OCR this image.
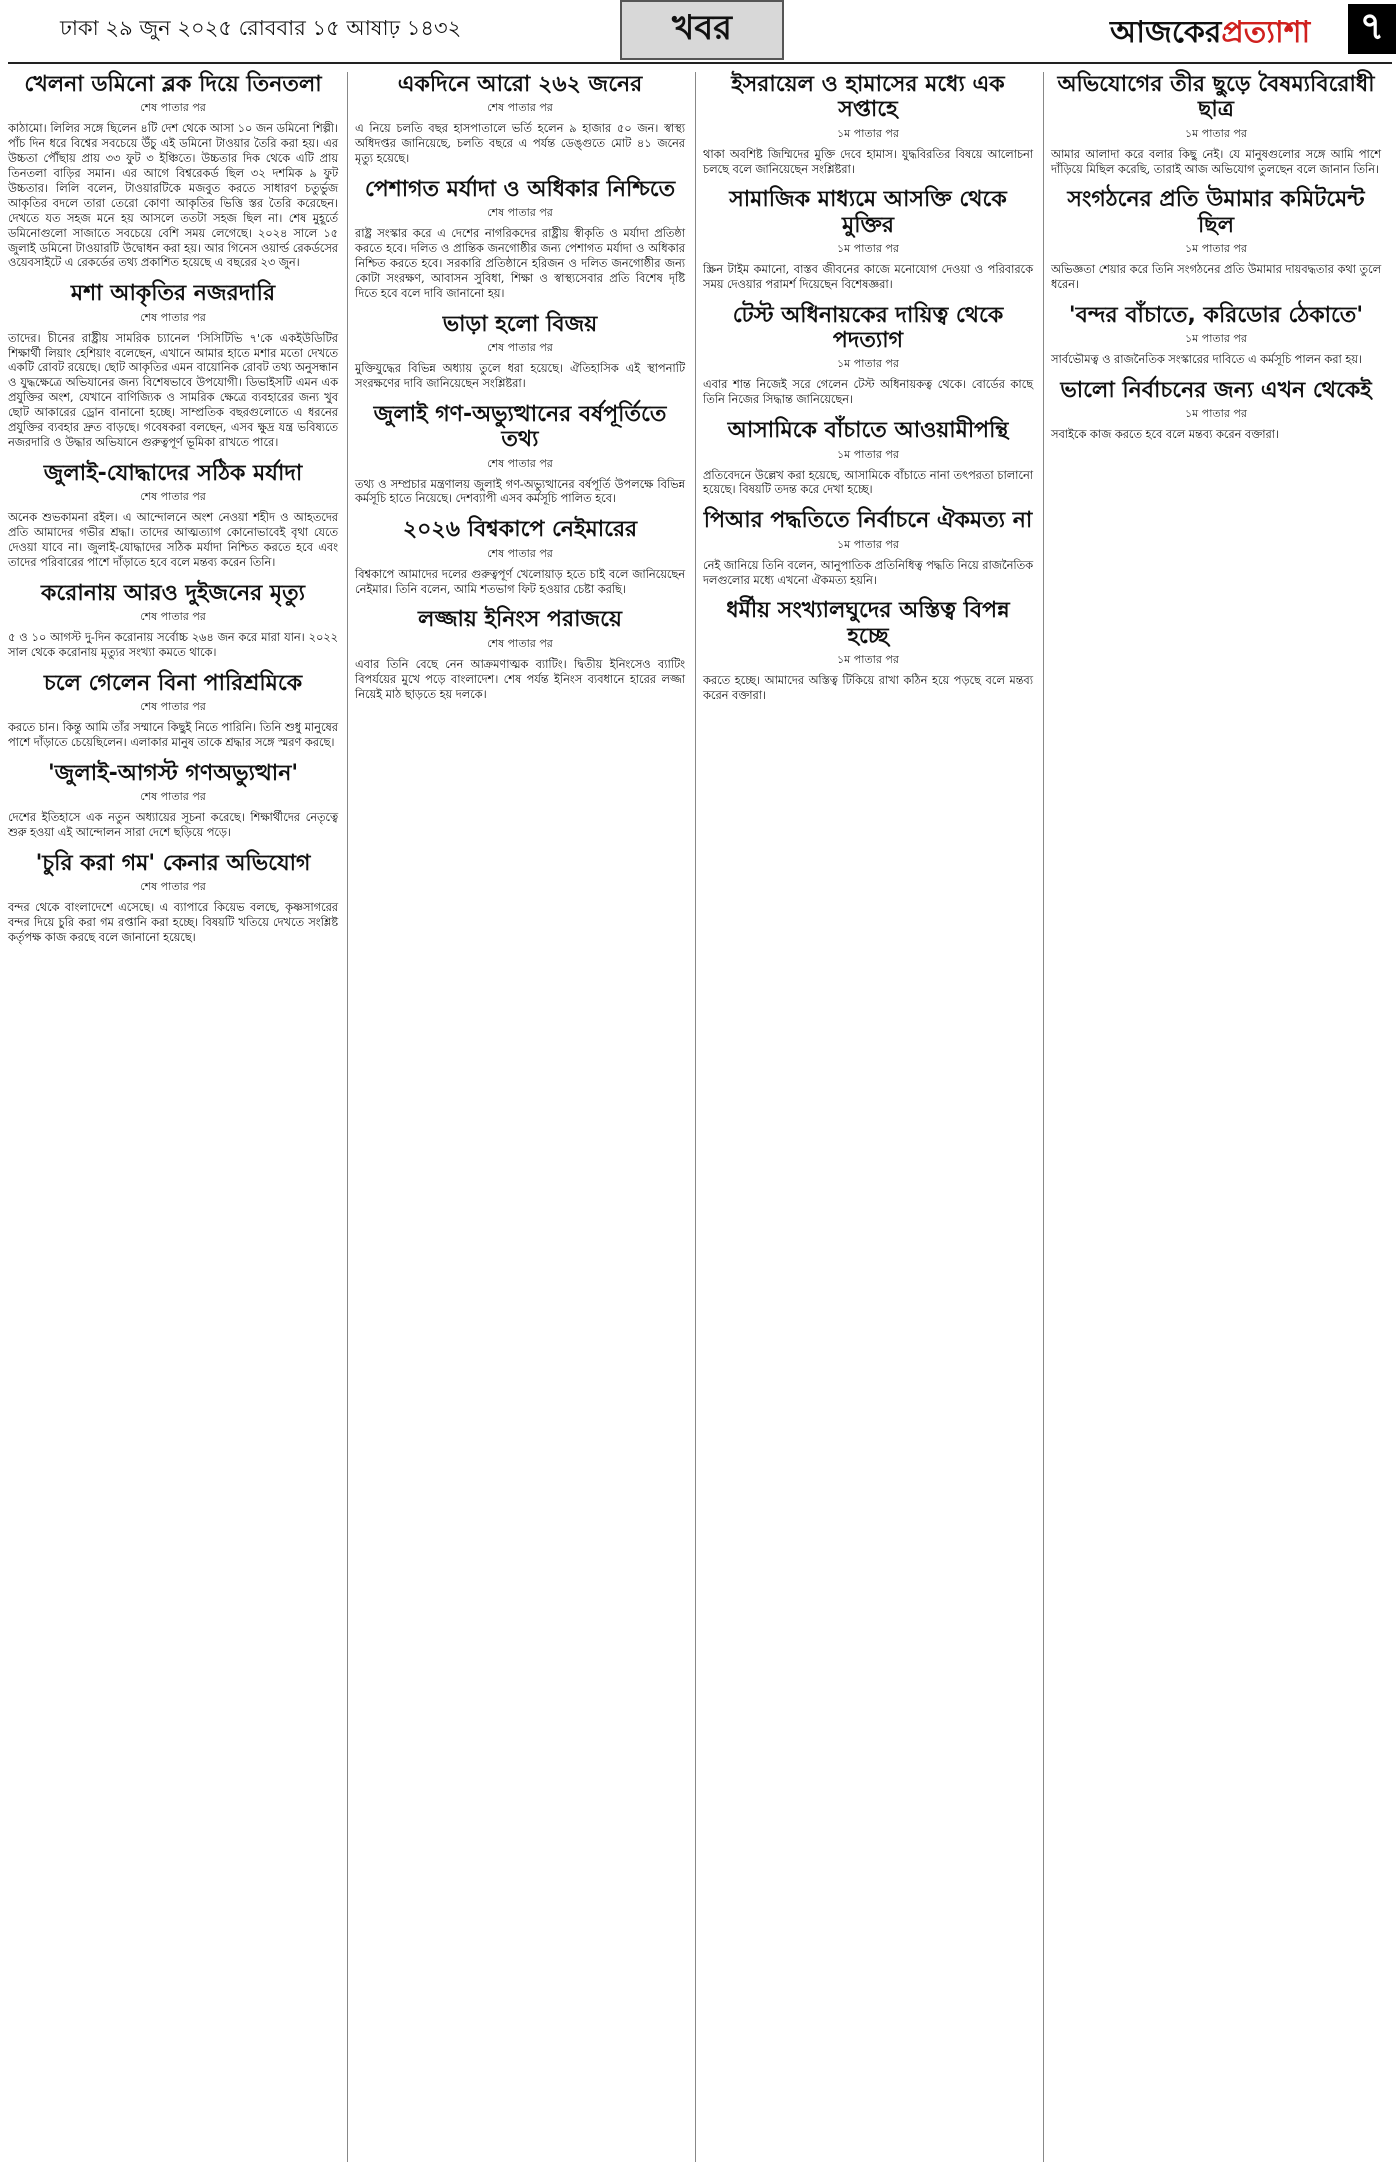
ঢাকা ২৯ জুন ২০২৫ রোববার ১৫ আষাঢ় ১৪৩২	খবর	আজকেরপ্রত্যাশা	৭
খেলনা ডমিনো ব্লক দিয়ে তিনতলা
শেষ পাতার পর

কাঠামো। লিলির সঙ্গে ছিলেন ৪টি দেশ থেকে আসা ১০ জন ডমিনো শিল্পী। পাঁচ দিন ধরে বিশ্বের সবচেয়ে উঁচু এই ডমিনো টাওয়ার তৈরি করা হয়। এর উচ্চতা পৌঁছায় প্রায় ৩৩ ফুট ৩ ইঞ্চিতে। উচ্চতার দিক থেকে এটি প্রায় তিনতলা বাড়ির সমান। এর আগে বিশ্বরেকর্ড ছিল ৩২ দশমিক ৯ ফুট উচ্চতার। লিলি বলেন, টাওয়ারটিকে মজবুত করতে সাধারণ চতুর্ভুজ আকৃতির বদলে তারা তেরো কোণা আকৃতির ভিত্তি স্তর তৈরি করেছেন। দেখতে যত সহজ মনে হয় আসলে ততটা সহজ ছিল না। শেষ মুহূর্তে ডমিনোগুলো সাজাতে সবচেয়ে বেশি সময় লেগেছে। ২০২৪ সালে ১৫ জুলাই ডমিনো টাওয়ারটি উদ্বোধন করা হয়। আর গিনেস ওয়ার্ল্ড রেকর্ডসের ওয়েবসাইটে এ রেকর্ডের তথ্য প্রকাশিত হয়েছে এ বছরের ২৩ জুন।

মশা আকৃতির নজরদারি
শেষ পাতার পর

তাদের। চীনের রাষ্ট্রীয় সামরিক চ্যানেল 'সিসিটিভি ৭'কে একইউডিটির শিক্ষার্থী লিয়াং হেশিয়াং বলেছেন, এখানে আমার হাতে মশার মতো দেখতে একটি রোবট রয়েছে। ছোট আকৃতির এমন বায়োনিক রোবট তথ্য অনুসন্ধান ও যুদ্ধক্ষেত্রে অভিযানের জন্য বিশেষভাবে উপযোগী। ডিভাইসটি এমন এক প্রযুক্তির অংশ, যেখানে বাণিজ্যিক ও সামরিক ক্ষেত্রে ব্যবহারের জন্য খুব ছোট আকারের ড্রোন বানানো হচ্ছে। সাম্প্রতিক বছরগুলোতে এ ধরনের প্রযুক্তির ব্যবহার দ্রুত বাড়ছে। গবেষকরা বলছেন, এসব ক্ষুদ্র যন্ত্র ভবিষ্যতে নজরদারি ও উদ্ধার অভিযানে গুরুত্বপূর্ণ ভূমিকা রাখতে পারে।

জুলাই-যোদ্ধাদের সঠিক মর্যাদা
শেষ পাতার পর

অনেক শুভকামনা রইল। এ আন্দোলনে অংশ নেওয়া শহীদ ও আহতদের প্রতি আমাদের গভীর শ্রদ্ধা। তাদের আত্মত্যাগ কোনোভাবেই বৃথা যেতে দেওয়া যাবে না। জুলাই-যোদ্ধাদের সঠিক মর্যাদা নিশ্চিত করতে হবে এবং তাদের পরিবারের পাশে দাঁড়াতে হবে বলে মন্তব্য করেন তিনি।

করোনায় আরও দুইজনের মৃত্যু
শেষ পাতার পর

৫ ও ১০ আগস্ট দু-দিন করোনায় সর্বোচ্চ ২৬৪ জন করে মারা যান। ২০২২ সাল থেকে করোনায় মৃত্যুর সংখ্যা কমতে থাকে।

চলে গেলেন বিনা পারিশ্রমিকে
শেষ পাতার পর

করতে চান। কিন্তু আমি তাঁর সম্মানে কিছুই নিতে পারিনি। তিনি শুধু মানুষের পাশে দাঁড়াতে চেয়েছিলেন। এলাকার মানুষ তাকে শ্রদ্ধার সঙ্গে স্মরণ করছে।

'জুলাই-আগস্ট গণঅভ্যুত্থান'
শেষ পাতার পর

দেশের ইতিহাসে এক নতুন অধ্যায়ের সূচনা করেছে। শিক্ষার্থীদের নেতৃত্বে শুরু হওয়া এই আন্দোলন সারা দেশে ছড়িয়ে পড়ে।

'চুরি করা গম' কেনার অভিযোগ
শেষ পাতার পর

বন্দর থেকে বাংলাদেশে এসেছে। এ ব্যাপারে কিয়েভ বলছে, কৃষ্ণসাগরের বন্দর দিয়ে চুরি করা গম রপ্তানি করা হচ্ছে। বিষয়টি খতিয়ে দেখতে সংশ্লিষ্ট কর্তৃপক্ষ কাজ করছে বলে জানানো হয়েছে।

একদিনে আরো ২৬২ জনের
শেষ পাতার পর

এ নিয়ে চলতি বছর হাসপাতালে ভর্তি হলেন ৯ হাজার ৫০ জন। স্বাস্থ্য অধিদপ্তর জানিয়েছে, চলতি বছরে এ পর্যন্ত ডেঙ্গুতে মোট ৪১ জনের মৃত্যু হয়েছে।

পেশাগত মর্যাদা ও অধিকার নিশ্চিতে
শেষ পাতার পর

রাষ্ট্র সংস্কার করে এ দেশের নাগরিকদের রাষ্ট্রীয় স্বীকৃতি ও মর্যাদা প্রতিষ্ঠা করতে হবে। দলিত ও প্রান্তিক জনগোষ্ঠীর জন্য পেশাগত মর্যাদা ও অধিকার নিশ্চিত করতে হবে। সরকারি প্রতিষ্ঠানে হরিজন ও দলিত জনগোষ্ঠীর জন্য কোটা সংরক্ষণ, আবাসন সুবিধা, শিক্ষা ও স্বাস্থ্যসেবার প্রতি বিশেষ দৃষ্টি দিতে হবে বলে দাবি জানানো হয়।

ভাড়া হলো বিজয়
শেষ পাতার পর

মুক্তিযুদ্ধের বিভিন্ন অধ্যায় তুলে ধরা হয়েছে। ঐতিহাসিক এই স্থাপনাটি সংরক্ষণের দাবি জানিয়েছেন সংশ্লিষ্টরা।

জুলাই গণ-অভ্যুত্থানের বর্ষপূর্তিতে তথ্য
শেষ পাতার পর

তথ্য ও সম্প্রচার মন্ত্রণালয় জুলাই গণ-অভ্যুত্থানের বর্ষপূর্তি উপলক্ষে বিভিন্ন কর্মসূচি হাতে নিয়েছে। দেশব্যাপী এসব কর্মসূচি পালিত হবে।

২০২৬ বিশ্বকাপে নেইমারের
শেষ পাতার পর

বিশ্বকাপে আমাদের দলের গুরুত্বপূর্ণ খেলোয়াড় হতে চাই বলে জানিয়েছেন নেইমার। তিনি বলেন, আমি শতভাগ ফিট হওয়ার চেষ্টা করছি।

লজ্জায় ইনিংস পরাজয়ে
শেষ পাতার পর

এবার তিনি বেছে নেন আক্রমণাত্মক ব্যাটিং। দ্বিতীয় ইনিংসেও ব্যাটিং বিপর্যয়ের মুখে পড়ে বাংলাদেশ। শেষ পর্যন্ত ইনিংস ব্যবধানে হারের লজ্জা নিয়েই মাঠ ছাড়তে হয় দলকে।

ইসরায়েল ও হামাসের মধ্যে এক সপ্তাহে
১ম পাতার পর

থাকা অবশিষ্ট জিম্মিদের মুক্তি দেবে হামাস। যুদ্ধবিরতির বিষয়ে আলোচনা চলছে বলে জানিয়েছেন সংশ্লিষ্টরা।

সামাজিক মাধ্যমে আসক্তি থেকে মুক্তির
১ম পাতার পর

স্ক্রিন টাইম কমানো, বাস্তব জীবনের কাজে মনোযোগ দেওয়া ও পরিবারকে সময় দেওয়ার পরামর্শ দিয়েছেন বিশেষজ্ঞরা।

টেস্ট অধিনায়কের দায়িত্ব থেকে পদত্যাগ
১ম পাতার পর

এবার শান্ত নিজেই সরে গেলেন টেস্ট অধিনায়কত্ব থেকে। বোর্ডের কাছে তিনি নিজের সিদ্ধান্ত জানিয়েছেন।

আসামিকে বাঁচাতে আওয়ামীপন্থি
১ম পাতার পর

প্রতিবেদনে উল্লেখ করা হয়েছে, আসামিকে বাঁচাতে নানা তৎপরতা চালানো হয়েছে। বিষয়টি তদন্ত করে দেখা হচ্ছে।

পিআর পদ্ধতিতে নির্বাচনে ঐকমত্য না
১ম পাতার পর

নেই জানিয়ে তিনি বলেন, আনুপাতিক প্রতিনিধিত্ব পদ্ধতি নিয়ে রাজনৈতিক দলগুলোর মধ্যে এখনো ঐকমত্য হয়নি।

ধর্মীয় সংখ্যালঘুদের অস্তিত্ব বিপন্ন হচ্ছে
১ম পাতার পর

করতে হচ্ছে। আমাদের অস্তিত্ব টিকিয়ে রাখা কঠিন হয়ে পড়ছে বলে মন্তব্য করেন বক্তারা।

অভিযোগের তীর ছুড়ে বৈষম্যবিরোধী ছাত্র
১ম পাতার পর

আমার আলাদা করে বলার কিছু নেই। যে মানুষগুলোর সঙ্গে আমি পাশে দাঁড়িয়ে মিছিল করেছি, তারাই আজ অভিযোগ তুলছেন বলে জানান তিনি।

সংগঠনের প্রতি উমামার কমিটমেন্ট ছিল
১ম পাতার পর

অভিজ্ঞতা শেয়ার করে তিনি সংগঠনের প্রতি উমামার দায়বদ্ধতার কথা তুলে ধরেন।

'বন্দর বাঁচাতে, করিডোর ঠেকাতে'
১ম পাতার পর

সার্বভৌমত্ব ও রাজনৈতিক সংস্কারের দাবিতে এ কর্মসূচি পালন করা হয়।

ভালো নির্বাচনের জন্য এখন থেকেই
১ম পাতার পর

সবাইকে কাজ করতে হবে বলে মন্তব্য করেন বক্তারা।
